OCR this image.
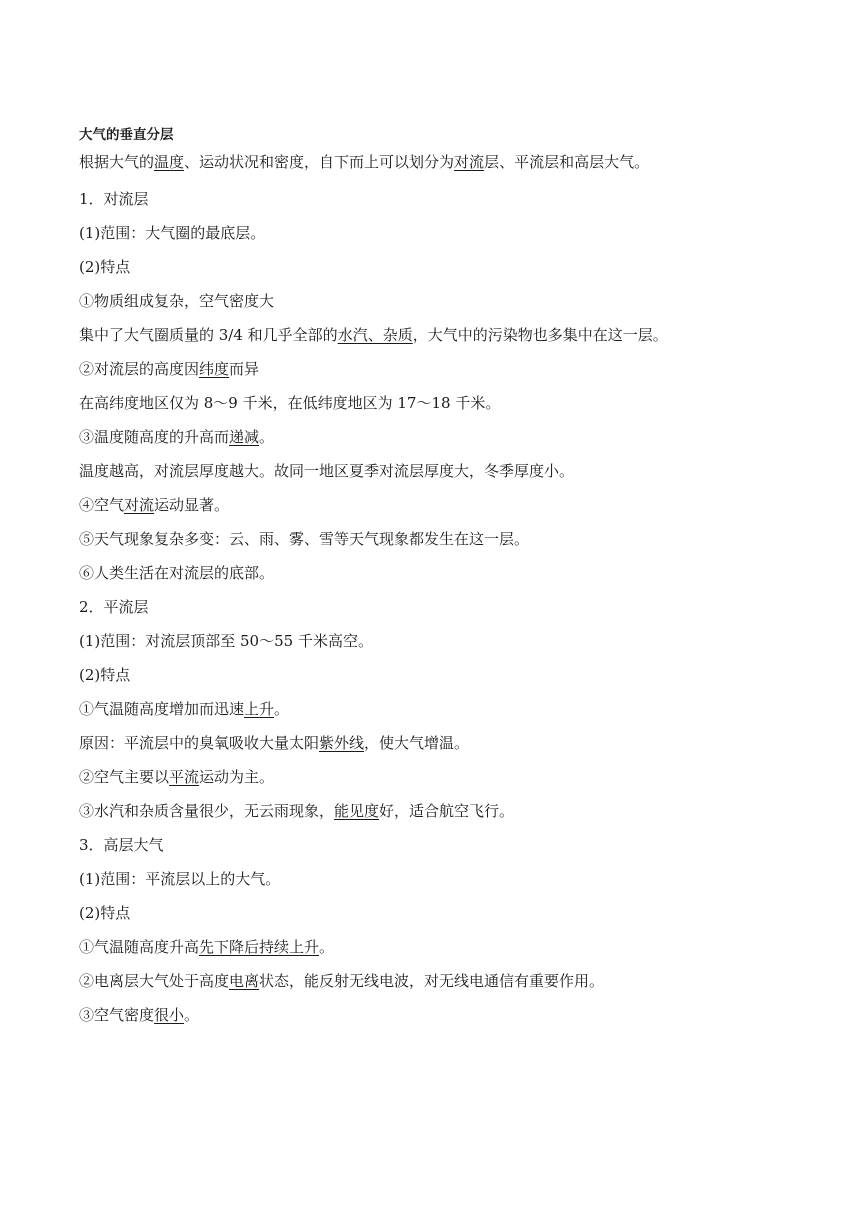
大气的垂直分层
根据大气的温度、运动状况和密度，自下而上可以划分为对流层、平流层和高层大气。
1．对流层
(1)范围：大气圈的最底层。
(2)特点
①物质组成复杂，空气密度大
集中了大气圈质量的 3/4 和几乎全部的水汽、杂质，大气中的污染物也多集中在这一层。
②对流层的高度因纬度而异
在高纬度地区仅为 8～9 千米，在低纬度地区为 17～18 千米。
③温度随高度的升高而递减。
温度越高，对流层厚度越大。故同一地区夏季对流层厚度大，冬季厚度小。
④空气对流运动显著。
⑤天气现象复杂多变：云、雨、雾、雪等天气现象都发生在这一层。
⑥人类生活在对流层的底部。
2．平流层
(1)范围：对流层顶部至 50～55 千米高空。
(2)特点
①气温随高度增加而迅速上升。
原因：平流层中的臭氧吸收大量太阳紫外线，使大气增温。
②空气主要以平流运动为主。
③水汽和杂质含量很少，无云雨现象，能见度好，适合航空飞行。
3．高层大气
(1)范围：平流层以上的大气。
(2)特点
①气温随高度升高先下降后持续上升。
②电离层大气处于高度电离状态，能反射无线电波，对无线电通信有重要作用。
③空气密度很小。
